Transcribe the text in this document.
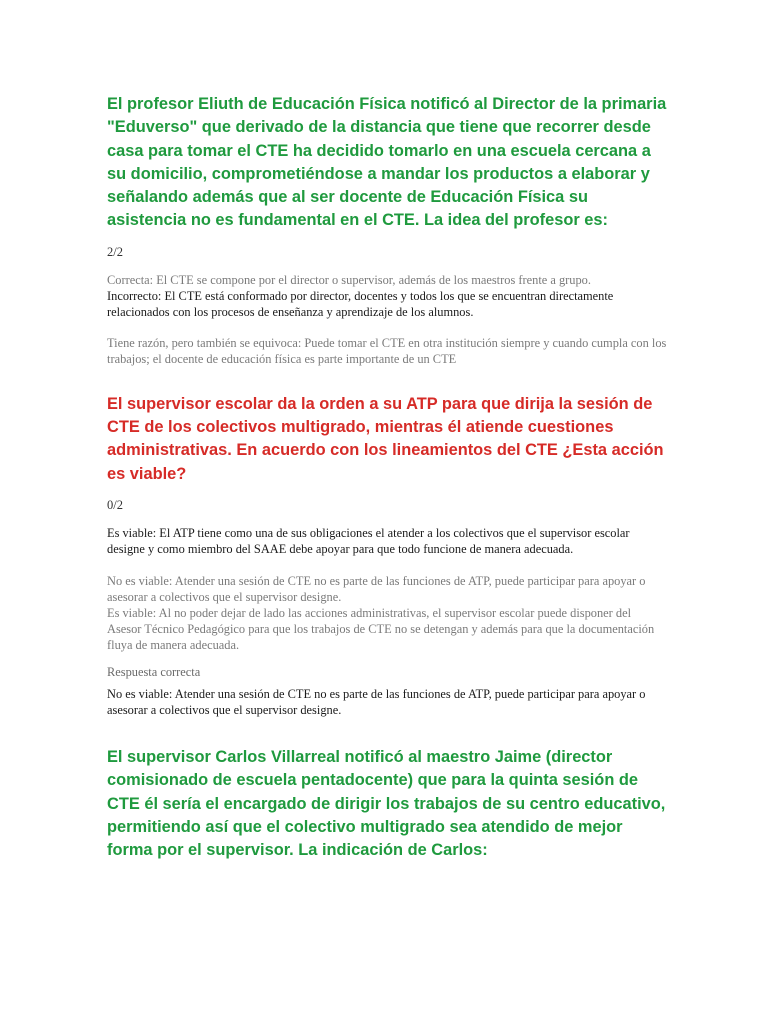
El profesor Eliuth de Educación Física notificó al Director de la primaria "Eduverso" que derivado de la distancia que tiene que recorrer desde casa para tomar el CTE ha decidido tomarlo en una escuela cercana a su domicilio, comprometiéndose a mandar los productos a elaborar y señalando además que al ser docente de Educación Física su asistencia no es fundamental en el CTE. La idea del profesor es:

2/2

Correcta: El CTE se compone por el director o supervisor, además de los maestros frente a grupo.

Incorrecto: El CTE está conformado por director, docentes y todos los que se encuentran directamente relacionados con los procesos de enseñanza y aprendizaje de los alumnos.

Tiene razón, pero también se equivoca: Puede tomar el CTE en otra institución siempre y cuando cumpla con los trabajos; el docente de educación física es parte importante de un CTE

El supervisor escolar da la orden a su ATP para que dirija la sesión de CTE de los colectivos multigrado, mientras él atiende cuestiones administrativas. En acuerdo con los lineamientos del CTE ¿Esta acción es viable?

0/2

Es viable: El ATP tiene como una de sus obligaciones el atender a los colectivos que el supervisor escolar designe y como miembro del SAAE debe apoyar para que todo funcione de manera adecuada.

No es viable: Atender una sesión de CTE no es parte de las funciones de ATP, puede participar para apoyar o asesorar a colectivos que el supervisor designe.

Es viable: Al no poder dejar de lado las acciones administrativas, el supervisor escolar puede disponer del Asesor Técnico Pedagógico para que los trabajos de CTE no se detengan y además para que la documentación fluya de manera adecuada.

Respuesta correcta

No es viable: Atender una sesión de CTE no es parte de las funciones de ATP, puede participar para apoyar o asesorar a colectivos que el supervisor designe.

El supervisor Carlos Villarreal notificó al maestro Jaime (director comisionado de escuela pentadocente) que para la quinta sesión de CTE él sería el encargado de dirigir los trabajos de su centro educativo, permitiendo así que el colectivo multigrado sea atendido de mejor forma por el supervisor. La indicación de Carlos:
